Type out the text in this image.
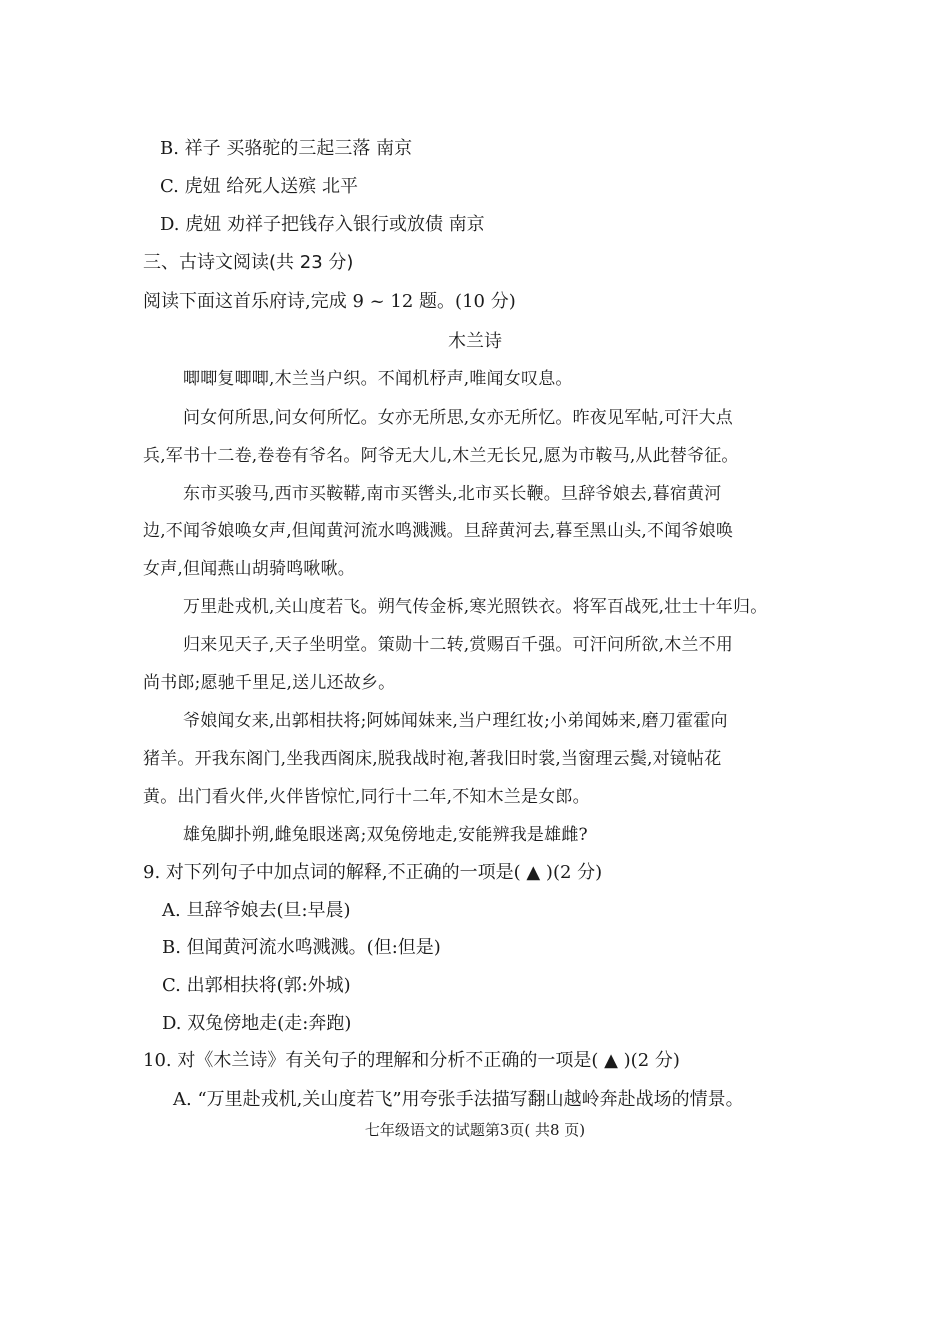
B. 祥子 买骆驼的三起三落 南京
C. 虎妞 给死人送殡 北平
D. 虎妞 劝祥子把钱存入银行或放债 南京
三、古诗文阅读(共 23 分)
阅读下面这首乐府诗,完成 9 ~ 12 题。(10 分)
木兰诗
唧唧复唧唧,木兰当户织。不闻机杼声,唯闻女叹息。
问女何所思,问女何所忆。女亦无所思,女亦无所忆。昨夜见军帖,可汗大点
兵,军书十二卷,卷卷有爷名。阿爷无大儿,木兰无长兄,愿为市鞍马,从此替爷征。
东市买骏马,西市买鞍鞯,南市买辔头,北市买长鞭。旦辞爷娘去,暮宿黄河
边,不闻爷娘唤女声,但闻黄河流水鸣溅溅。旦辞黄河去,暮至黑山头,不闻爷娘唤
女声,但闻燕山胡骑鸣啾啾。
万里赴戎机,关山度若飞。朔气传金柝,寒光照铁衣。将军百战死,壮士十年归。
归来见天子,天子坐明堂。策勋十二转,赏赐百千强。可汗问所欲,木兰不用
尚书郎;愿驰千里足,送儿还故乡。
爷娘闻女来,出郭相扶将;阿姊闻妹来,当户理红妆;小弟闻姊来,磨刀霍霍向
猪羊。开我东阁门,坐我西阁床,脱我战时袍,著我旧时裳,当窗理云鬓,对镜帖花
黄。出门看火伴,火伴皆惊忙,同行十二年,不知木兰是女郎。
雄兔脚扑朔,雌兔眼迷离;双兔傍地走,安能辨我是雄雌?
9. 对下列句子中加点词的解释,不正确的一项是( ▲ )(2 分)
A. 旦辞爷娘去(旦:早晨)
B. 但闻黄河流水鸣溅溅。(但:但是)
C. 出郭相扶将(郭:外城)
D. 双兔傍地走(走:奔跑)
10. 对《木兰诗》有关句子的理解和分析不正确的一项是( ▲ )(2 分)
A. “万里赴戎机,关山度若飞”用夸张手法描写翻山越岭奔赴战场的情景。
七年级语文的试题第3页( 共8 页)
